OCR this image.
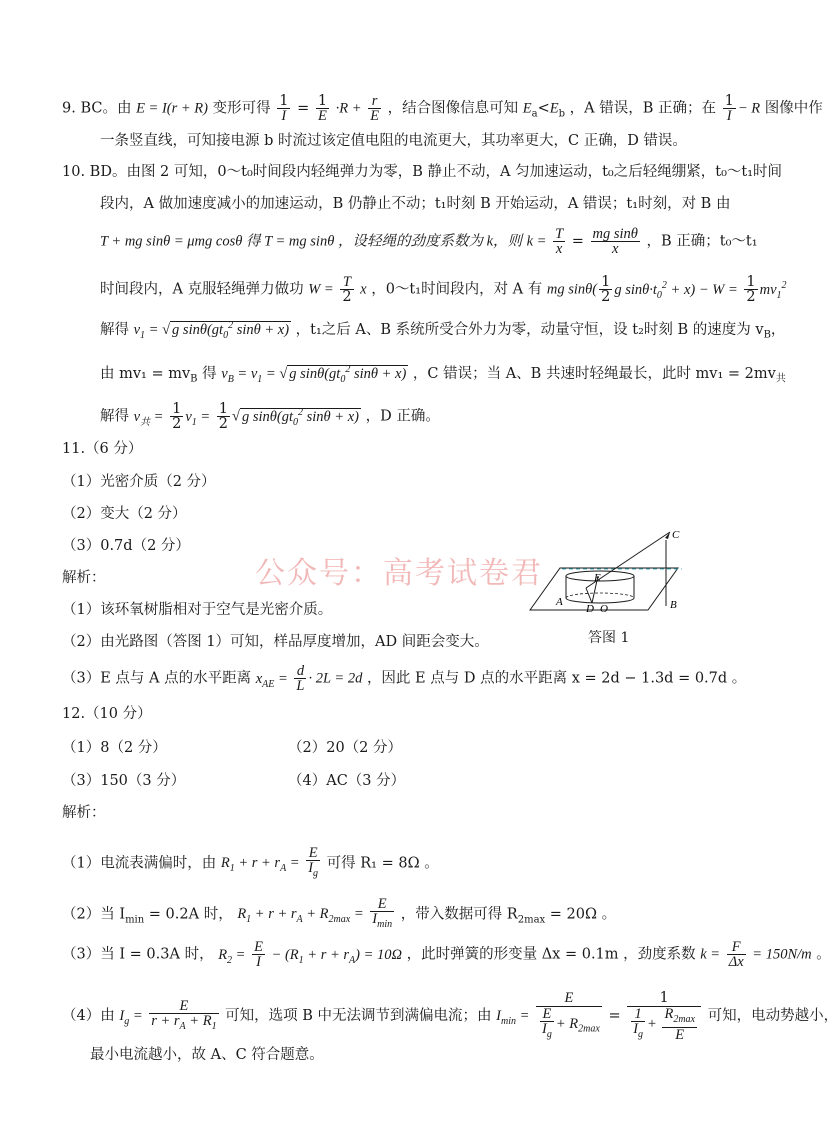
9. BC。由 E = I(r + R) 变形可得 $\frac{1}{I} = \frac{1}{E} \cdot R + \frac{r}{E}$ ，结合图像信息可知 $E_a<E_b$ ，A 错误，B 正确；在 $\frac{1}{I} - R$ 图像中作
一条竖直线，可知接电源 b 时流过该定值电阻的电流更大，其功率更大，C 正确，D 错误。
10. BD。由图 2 可知，0～t₀时间段内轻绳弹力为零，B 静止不动，A 匀加速运动，t₀之后轻绳绷紧，t₀～t₁时间
段内，A 做加速度减小的加速运动，B 仍静止不动；t₁时刻 B 开始运动，A 错误；t₁时刻，对 B 由
T + mg sinθ = μmg cosθ 得 T = mg sinθ ，设轻绳的劲度系数为 k，则 $k = \frac{T}{x} = \frac{\text{mg sinθ}}{x}$ ，B 正确；t₀～t₁
时间段内，A 克服轻绳弹力做功 $W = \frac{T}{2}$ x ，0～t₁时间段内，对 A 有 mg $\sin\theta( \frac{1}{2}$ g $\sin\theta\cdot t_0^2 + x) - W = \frac{1}{2} mv_1^2$
解得 $v_1$ = √ g $\sin\theta(gt_0^2$ sinθ + x) ，t₁之后 A、B 系统所受合外力为零，动量守恒，设 t₂时刻 B 的速度为 $v_B$，
由 $mv_1 = mv_B$ 得 $v_B = v_1$ = √ g $\sin\theta(gt_0^2$ sinθ + x) ，C 错误；当 A、B 共速时轻绳最长，此时 $mv_1 = 2mv_共$
解得 $v_共 = \frac{1}{2} v_1 = \frac{1}{2}$ √ g $\sin\theta(gt_0^2$ sinθ + x) ，D 正确。
11.（6 分）
（1）光密介质（2 分）
（2）变大（2 分）
（3）0.7d（2 分）
解析：
（1）该环氧树脂相对于空气是光密介质。
（2）由光路图（答图 1）可知，样品厚度增加，AD 间距会变大。
（3）E 点与 A 点的水平距离 $x_{AE} = \frac{d}{L} \cdot 2L = 2d$ ，因此 E 点与 D 点的水平距离 x = 2d − 1.3d = 0.7d 。
公众号：高考试卷君
C
E
A
D O	B
答图 1
12.（10 分）
（1）8（2 分）	（2）20（2 分）
（3）150（3 分）	（4）AC（3 分）
解析：
（1）电流表满偏时，由 $R_1 + r + r_A = \frac{E}{I_g}$ 可得 R₁ = 8Ω 。
（2）当 $I_{min} = 0.2A$ 时， $R_1 + r + r_A + R_{2max} = \frac{E}{I_{min}}$ ，带入数据可得 $R_{2max} = 20\Omega$ 。
（3）当 I = 0.3A 时， $R_2 = \frac{E}{I} - (R_1 + r + r_A) = 10\Omega$ ，此时弹簧的形变量 Δx = 0.1m ，劲度系数 $k = \frac{F}{\Delta x} = 150N/m$ 。
（4）由 $I_g = \frac{E}{r + r_A + R_1}$ 可知，选项 B 中无法调节到满偏电流；由 $I_{min} = \frac{E}{\frac{E}{I_g} + R_{2max}} = \frac{1}{\frac{1}{I_g} + \frac{R_{2max}}{E}}$ 可知，电动势越小，
最小电流越小，故 A、C 符合题意。
